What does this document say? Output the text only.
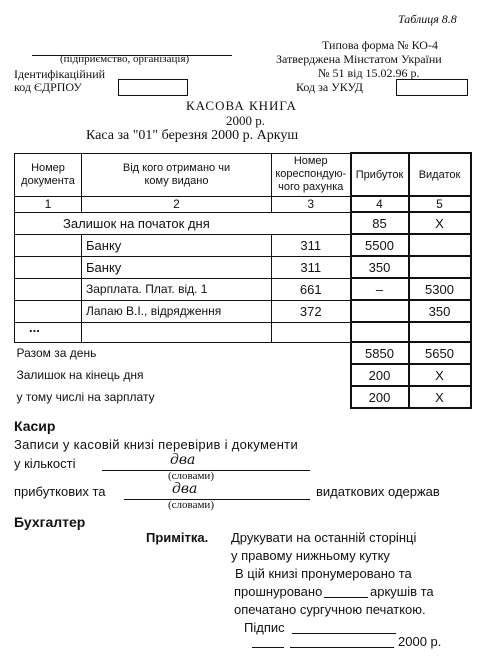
Таблиця 8.8
(підприємство, організація)
Ідентифікаційний
код ЄДРПОУ
Типова форма № КО-4
Затверджена Мінстатом України
№ 51 від 15.02.96 р.
Код за УКУД
КАСОВА КНИГА
2000 р.
Каса за "01" березня 2000 р. Аркуш
Номер документа	Від кого отримано чи кому видано	Номер кореспондую-чого рахунка	Прибуток	Видаток
1	2	3	4	5
Залишок на початок дня			85	X
	Банку	311	5500	
	Банку	311	350	
	Зарплата. Плат. від. 1	661	–	5300
	Лапаю В.І., відрядження	372		350
...				
Разом за день			5850	5650
Залишок на кінець дня			200	X
у тому числі на зарплату			200	X
Касир
Записи у касовій книзі перевірив і документи
у кількості	два
(словами)
прибуткових та	два
(словами)
видаткових одержав
Бухгалтер
Примітка. Друкувати на останній сторінці
у правому нижньому кутку
В цій книзі пронумеровано та
прошнуровано	аркушів та
опечатано сургучною печаткою.
Підпис
2000 р.
